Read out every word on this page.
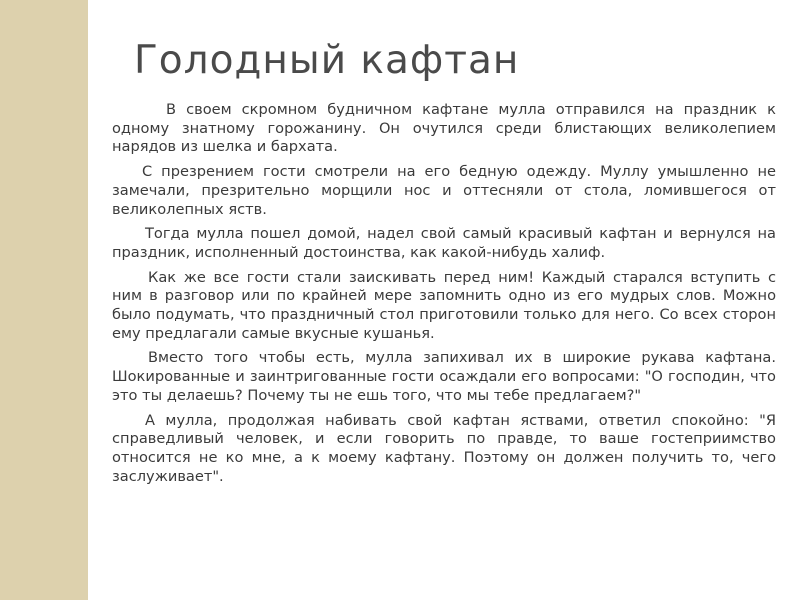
Голодный кафтан

В своем скромном будничном кафтане мулла отправился на праздник к одному знатному горожанину. Он очутился среди блистающих великолепием нарядов из шелка и бархата.

С презрением гости смотрели на его бедную одежду. Муллу умышленно не замечали, презрительно морщили нос и оттесняли от стола, ломившегося от великолепных яств.

Тогда мулла пошел домой, надел свой самый красивый кафтан и вернулся на праздник, исполненный достоинства, как какой-нибудь халиф.

Как же все гости стали заискивать перед ним! Каждый старался вступить с ним в разговор или по крайней мере запомнить одно из его мудрых слов. Можно было подумать, что праздничный стол приготовили только для него. Со всех сторон ему предлагали самые вкусные кушанья.

Вместо того чтобы есть, мулла запихивал их в широкие рукава кафтана. Шокированные и заинтригованные гости осаждали его вопросами: "О господин, что это ты делаешь? Почему ты не ешь того, что мы тебе предлагаем?"

А мулла, продолжая набивать свой кафтан яствами, ответил спокойно: "Я справедливый человек, и если говорить по правде, то ваше гостеприимство относится не ко мне, а к моему кафтану. Поэтому он должен получить то, чего заслуживает".
